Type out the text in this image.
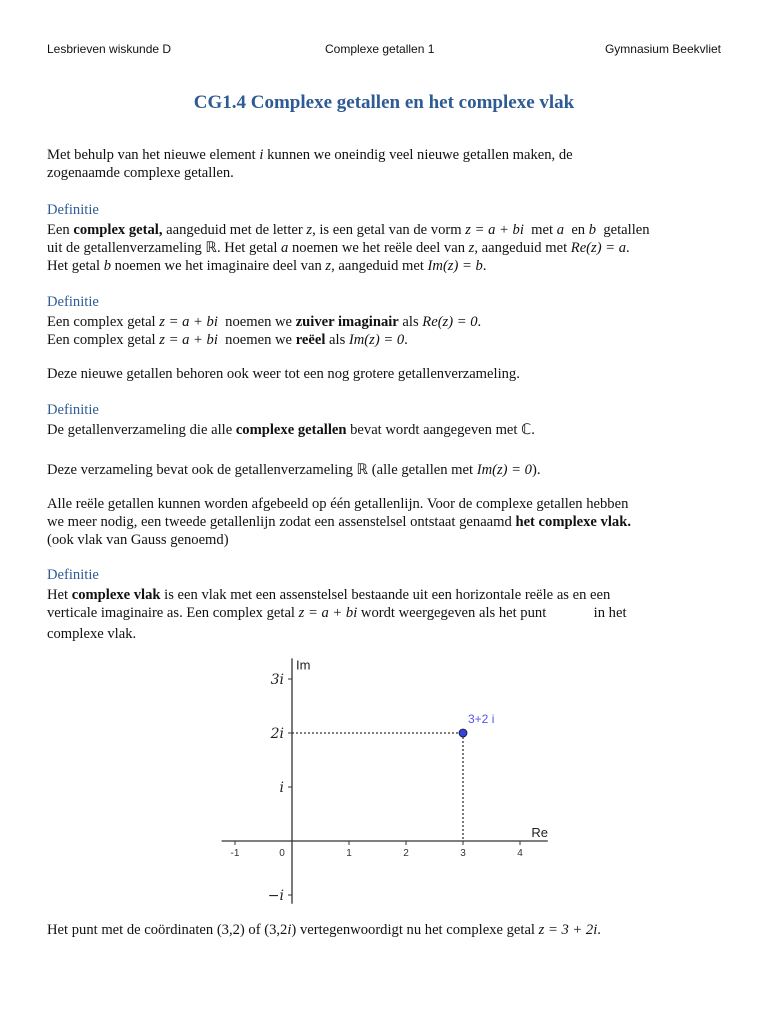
Lesbrieven wiskunde D	Complexe getallen 1	Gymnasium Beekvliet
CG1.4 Complexe getallen en het complexe vlak
Met behulp van het nieuwe element i kunnen we oneindig veel nieuwe getallen maken, de
zogenaamde complexe getallen.
Definitie
Een complex getal, aangeduid met de letter z, is een getal van de vorm z = a + bi  met a  en b  getallen
uit de getallenverzameling ℝ. Het getal a noemen we het reële deel van z, aangeduid met Re(z) = a.
Het getal b noemen we het imaginaire deel van z, aangeduid met Im(z) = b.
Definitie
Een complex getal z = a + bi  noemen we zuiver imaginair als Re(z) = 0.
Een complex getal z = a + bi  noemen we reëel als Im(z) = 0.
Deze nieuwe getallen behoren ook weer tot een nog grotere getallenverzameling.
Definitie
De getallenverzameling die alle complexe getallen bevat wordt aangegeven met ℂ.
Deze verzameling bevat ook de getallenverzameling ℝ (alle getallen met Im(z) = 0).
Alle reële getallen kunnen worden afgebeeld op één getallenlijn. Voor de complexe getallen hebben
we meer nodig, een tweede getallenlijn zodat een assenstelsel ontstaat genaamd het complexe vlak.
(ook vlak van Gauss genoemd)
Definitie
Het complexe vlak is een vlak met een assenstelsel bestaande uit een horizontale reële as en een
verticale imaginaire as. Een complex getal z = a + bi wordt weergegeven als het punt             in het
complexe vlak.
Het punt met de coördinaten (3,2) of (3,2i) vertegenwoordigt nu het complexe getal z = 3 + 2i.
-1	0	1	2	3	4
3i
2i
i
−i
Im
Re
3+2 i
